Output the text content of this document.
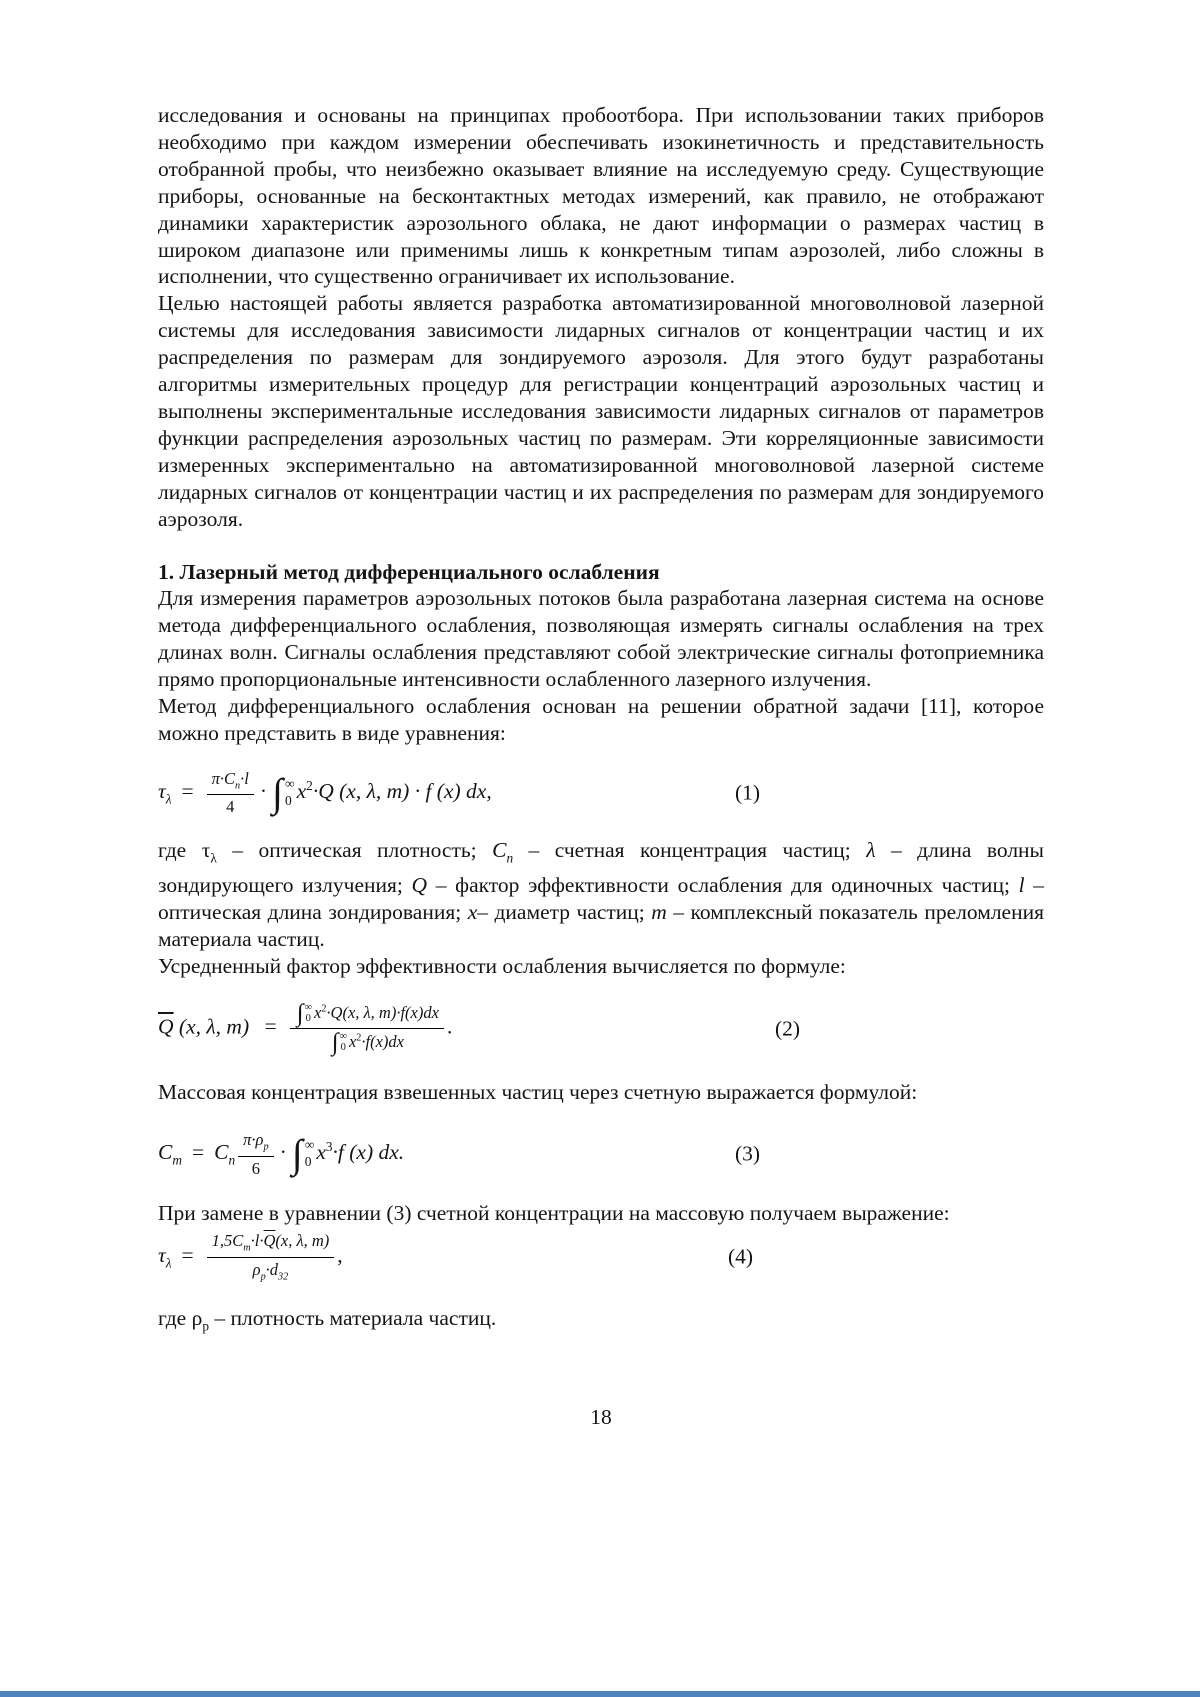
исследования и основаны на принципах пробоотбора. При использовании таких приборов необходимо при каждом измерении обеспечивать изокинетичность и представительность отобранной пробы, что неизбежно оказывает влияние на исследуемую среду. Существующие приборы, основанные на бесконтактных методах измерений, как правило, не отображают динамики характеристик аэрозольного облака, не дают информации о размерах частиц в широком диапазоне или применимы лишь к конкретным типам аэрозолей, либо сложны в исполнении, что существенно ограничивает их использование.

Целью настоящей работы является разработка автоматизированной многоволновой лазерной системы для исследования зависимости лидарных сигналов от концентрации частиц и их распределения по размерам для зондируемого аэрозоля. Для этого будут разработаны алгоритмы измерительных процедур для регистрации концентраций аэрозольных частиц и выполнены экспериментальные исследования зависимости лидарных сигналов от параметров функции распределения аэрозольных частиц по размерам. Эти корреляционные зависимости измеренных экспериментально на автоматизированной многоволновой лазерной системе лидарных сигналов от концентрации частиц и их распределения по размерам для зондируемого аэрозоля.

1. Лазерный метод дифференциального ослабления

Для измерения параметров аэрозольных потоков была разработана лазерная система на основе метода дифференциального ослабления, позволяющая измерять сигналы ослабления на трех длинах волн. Сигналы ослабления представляют собой электрические сигналы фотоприемника прямо пропорциональные интенсивности ослабленного лазерного излучения.

Метод дифференциального ослабления основан на решении обратной задачи [11], которое можно представить в виде уравнения:

$\tau_\lambda = \frac{\pi\cdot C_n\cdot l}{4}$ · ∫ ∞
0 $x^2\cdot Q$ (x, λ, m) · f (x) dx,	(1)

где $\tau_\lambda$ – оптическая плотность; $C_n$ – счетная концентрация частиц; λ – длина волны зондирующего излучения; Q – фактор эффективности ослабления для одиночных частиц; l – оптическая длина зондирования; x– диаметр частиц; m – комплексный показатель преломления материала частиц.

Усредненный фактор эффективности ослабления вычисляется по формуле:

$\overline{Q}$ (x, λ, m) = ∫ ∞
0 $x^2\cdot Q(x$, λ, m)·f(x)dx
∫ ∞
0 $x^2\cdot f(x)dx$ .	(2)

Массовая концентрация взвешенных частиц через счетную выражается формулой:

$C_m = C_n \frac{\pi\cdot\rho_p}{6}$ · ∫ ∞
0 $x^3\cdot f$ (x) dx.	(3)

При замене в уравнении (3) счетной концентрации на массовую получаем выражение:

$\tau_\lambda = \frac{1,5C_m\cdot l\cdot\overline{Q}(x, \lambda, m)}{\rho_p\cdot d_{32}}$ ,	(4)

где $\rho_p$ – плотность материала частиц.

18
